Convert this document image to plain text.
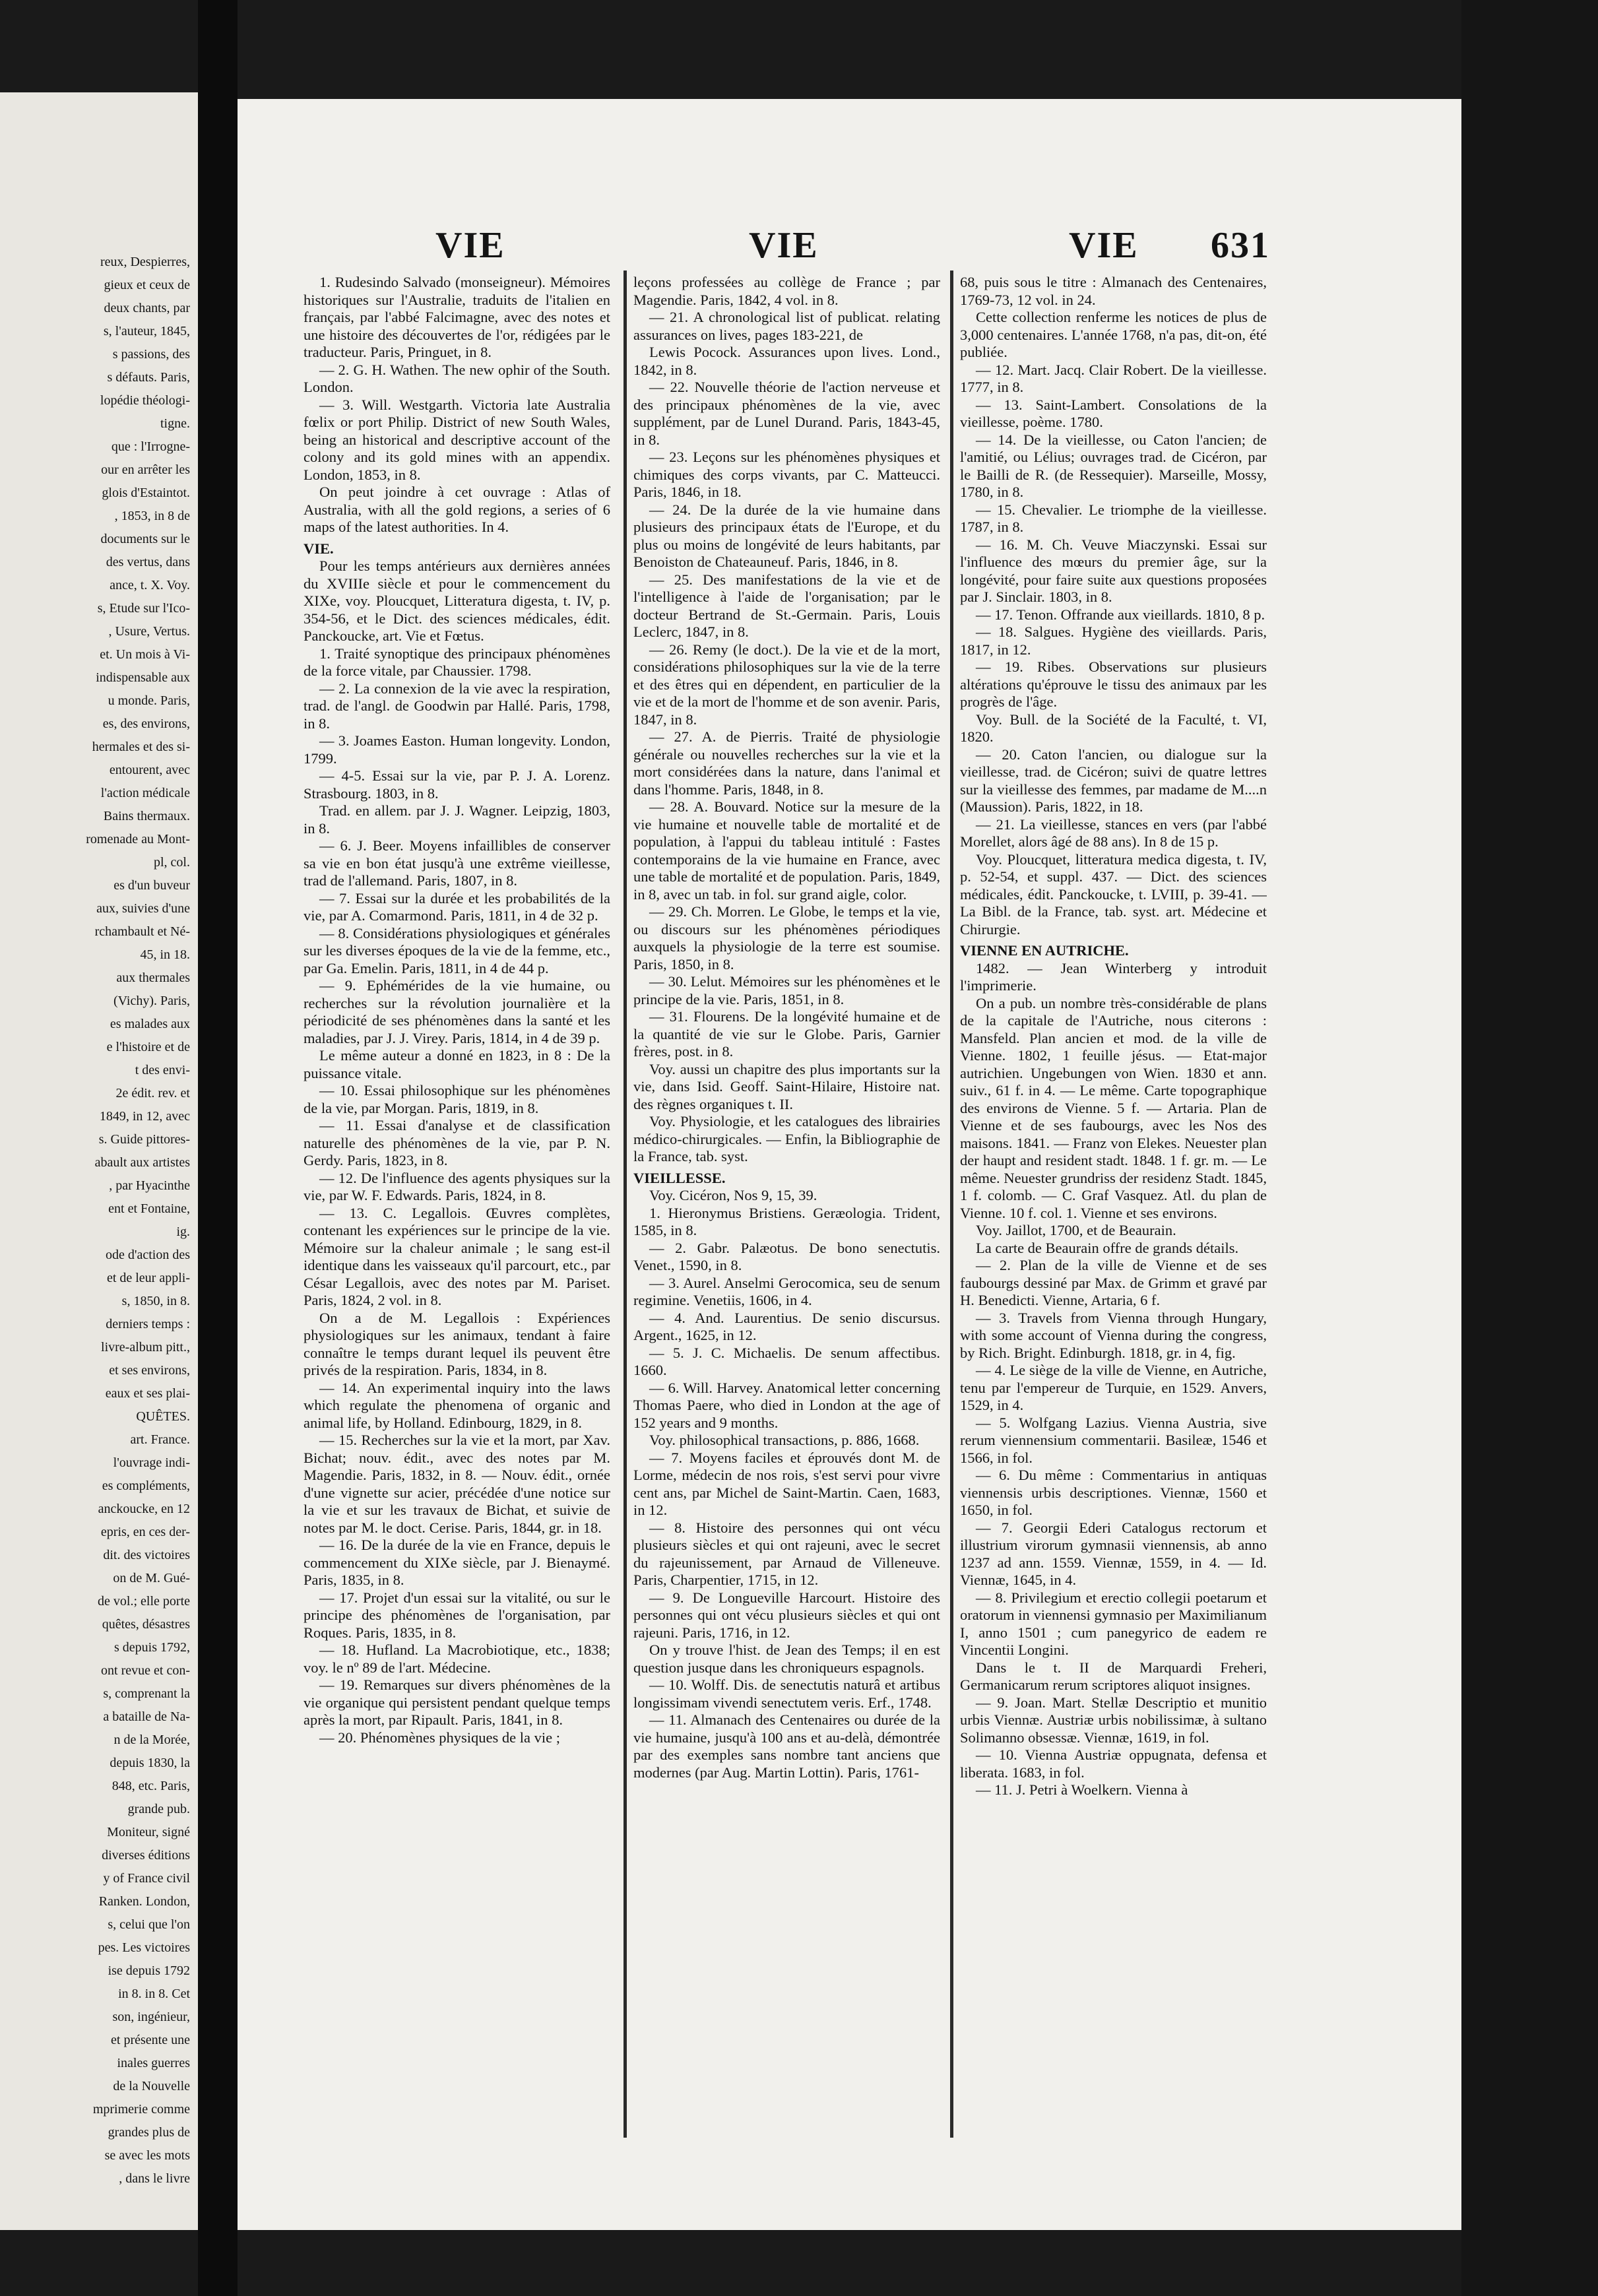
reux, Despierres,
gieux et ceux de
deux chants, par
s, l'auteur, 1845,
s passions, des
s défauts. Paris,
lopédie théologi-
tigne.
que : l'Irrogne-
our en arrêter les
glois d'Estaintot.
, 1853, in 8 de
documents sur le
des vertus, dans
ance, t. X. Voy.
s, Etude sur l'Ico-
, Usure, Vertus.
et. Un mois à Vi-
indispensable aux
u monde. Paris,
es, des environs,
hermales et des si-
entourent, avec
l'action médicale
Bains thermaux.
romenade au Mont-
pl, col.
es d'un buveur
aux, suivies d'une
rchambault et Né-
45, in 18.
aux thermales
(Vichy). Paris,
es malades aux
e l'histoire et de
t des envi-
2e édit. rev. et
1849, in 12, avec
s. Guide pittores-
abault aux artistes
, par Hyacinthe
ent et Fontaine,
ig.
ode d'action des
et de leur appli-
s, 1850, in 8.
derniers temps :
livre-album pitt.,
et ses environs,
eaux et ses plai-
QUÊTES.
art. France.
l'ouvrage indi-
es compléments,
anckoucke, en 12
epris, en ces der-
dit. des victoires
on de M. Gué-
de vol.; elle porte
quêtes, désastres
s depuis 1792,
ont revue et con-
s, comprenant la
a bataille de Na-
n de la Morée,
depuis 1830, la
848, etc. Paris,
grande pub.
Moniteur, signé
diverses éditions
y of France civil
Ranken. London,
s, celui que l'on
pes. Les victoires
ise depuis 1792
in 8. in 8. Cet
son, ingénieur,
et présente une
inales guerres
de la Nouvelle
mprimerie comme
grandes plus de
se avec les mots
, dans le livre
VIE	VIE	VIE 631

1. Rudesindo Salvado (monseigneur). Mémoires historiques sur l'Australie, traduits de l'italien en français, par l'abbé Falcimagne, avec des notes et une histoire des découvertes de l'or, rédigées par le traducteur. Paris, Pringuet, in 8.

— 2. G. H. Wathen. The new ophir of the South. London.

— 3. Will. Westgarth. Victoria late Australia fœlix or port Philip. District of new South Wales, being an historical and descriptive account of the colony and its gold mines with an appendix. London, 1853, in 8.

On peut joindre à cet ouvrage : Atlas of Australia, with all the gold regions, a series of 6 maps of the latest authorities. In 4.

VIE.

Pour les temps antérieurs aux dernières années du XVIIIe siècle et pour le commencement du XIXe, voy. Ploucquet, Litteratura digesta, t. IV, p. 354-56, et le Dict. des sciences médicales, édit. Panckoucke, art. Vie et Fœtus.

1. Traité synoptique des principaux phénomènes de la force vitale, par Chaussier. 1798.

— 2. La connexion de la vie avec la respiration, trad. de l'angl. de Goodwin par Hallé. Paris, 1798, in 8.

— 3. Joames Easton. Human longevity. London, 1799.

— 4-5. Essai sur la vie, par P. J. A. Lorenz. Strasbourg. 1803, in 8.

Trad. en allem. par J. J. Wagner. Leipzig, 1803, in 8.

— 6. J. Beer. Moyens infaillibles de conserver sa vie en bon état jusqu'à une extrême vieillesse, trad de l'allemand. Paris, 1807, in 8.

— 7. Essai sur la durée et les probabilités de la vie, par A. Comarmond. Paris, 1811, in 4 de 32 p.

— 8. Considérations physiologiques et générales sur les diverses époques de la vie de la femme, etc., par Ga. Emelin. Paris, 1811, in 4 de 44 p.

— 9. Ephémérides de la vie humaine, ou recherches sur la révolution journalière et la périodicité de ses phénomènes dans la santé et les maladies, par J. J. Virey. Paris, 1814, in 4 de 39 p.

Le même auteur a donné en 1823, in 8 : De la puissance vitale.

— 10. Essai philosophique sur les phénomènes de la vie, par Morgan. Paris, 1819, in 8.

— 11. Essai d'analyse et de classification naturelle des phénomènes de la vie, par P. N. Gerdy. Paris, 1823, in 8.

— 12. De l'influence des agents physiques sur la vie, par W. F. Edwards. Paris, 1824, in 8.

— 13. C. Legallois. Œuvres complètes, contenant les expériences sur le principe de la vie. Mémoire sur la chaleur animale ; le sang est-il identique dans les vaisseaux qu'il parcourt, etc., par César Legallois, avec des notes par M. Pariset. Paris, 1824, 2 vol. in 8.

On a de M. Legallois : Expériences physiologiques sur les animaux, tendant à faire connaître le temps durant lequel ils peuvent être privés de la respiration. Paris, 1834, in 8.

— 14. An experimental inquiry into the laws which regulate the phenomena of organic and animal life, by Holland. Edinbourg, 1829, in 8.

— 15. Recherches sur la vie et la mort, par Xav. Bichat; nouv. édit., avec des notes par M. Magendie. Paris, 1832, in 8. — Nouv. édit., ornée d'une vignette sur acier, précédée d'une notice sur la vie et sur les travaux de Bichat, et suivie de notes par M. le doct. Cerise. Paris, 1844, gr. in 18.

— 16. De la durée de la vie en France, depuis le commencement du XIXe siècle, par J. Bienaymé. Paris, 1835, in 8.

— 17. Projet d'un essai sur la vitalité, ou sur le principe des phénomènes de l'organisation, par Roques. Paris, 1835, in 8.

— 18. Hufland. La Macrobiotique, etc., 1838; voy. le nº 89 de l'art. Médecine.

— 19. Remarques sur divers phénomènes de la vie organique qui persistent pendant quelque temps après la mort, par Ripault. Paris, 1841, in 8.

— 20. Phénomènes physiques de la vie ;

leçons professées au collège de France ; par Magendie. Paris, 1842, 4 vol. in 8.

— 21. A chronological list of publicat. relating assurances on lives, pages 183-221, de

Lewis Pocock. Assurances upon lives. Lond., 1842, in 8.

— 22. Nouvelle théorie de l'action nerveuse et des principaux phénomènes de la vie, avec supplément, par de Lunel Durand. Paris, 1843-45, in 8.

— 23. Leçons sur les phénomènes physiques et chimiques des corps vivants, par C. Matteucci. Paris, 1846, in 18.

— 24. De la durée de la vie humaine dans plusieurs des principaux états de l'Europe, et du plus ou moins de longévité de leurs habitants, par Benoiston de Chateauneuf. Paris, 1846, in 8.

— 25. Des manifestations de la vie et de l'intelligence à l'aide de l'organisation; par le docteur Bertrand de St.-Germain. Paris, Louis Leclerc, 1847, in 8.

— 26. Remy (le doct.). De la vie et de la mort, considérations philosophiques sur la vie de la terre et des êtres qui en dépendent, en particulier de la vie et de la mort de l'homme et de son avenir. Paris, 1847, in 8.

— 27. A. de Pierris. Traité de physiologie générale ou nouvelles recherches sur la vie et la mort considérées dans la nature, dans l'animal et dans l'homme. Paris, 1848, in 8.

— 28. A. Bouvard. Notice sur la mesure de la vie humaine et nouvelle table de mortalité et de population, à l'appui du tableau intitulé : Fastes contemporains de la vie humaine en France, avec une table de mortalité et de population. Paris, 1849, in 8, avec un tab. in fol. sur grand aigle, color.

— 29. Ch. Morren. Le Globe, le temps et la vie, ou discours sur les phénomènes périodiques auxquels la physiologie de la terre est soumise. Paris, 1850, in 8.

— 30. Lelut. Mémoires sur les phénomènes et le principe de la vie. Paris, 1851, in 8.

— 31. Flourens. De la longévité humaine et de la quantité de vie sur le Globe. Paris, Garnier frères, post. in 8.

Voy. aussi un chapitre des plus importants sur la vie, dans Isid. Geoff. Saint-Hilaire, Histoire nat. des règnes organiques t. II.

Voy. Physiologie, et les catalogues des librairies médico-chirurgicales. — Enfin, la Bibliographie de la France, tab. syst.

VIEILLESSE.

Voy. Cicéron, Nos 9, 15, 39.

1. Hieronymus Bristiens. Geræologia. Trident, 1585, in 8.

— 2. Gabr. Palæotus. De bono senectutis. Venet., 1590, in 8.

— 3. Aurel. Anselmi Gerocomica, seu de senum regimine. Venetiis, 1606, in 4.

— 4. And. Laurentius. De senio discursus. Argent., 1625, in 12.

— 5. J. C. Michaelis. De senum affectibus. 1660.

— 6. Will. Harvey. Anatomical letter concerning Thomas Paere, who died in London at the age of 152 years and 9 months.

Voy. philosophical transactions, p. 886, 1668.

— 7. Moyens faciles et éprouvés dont M. de Lorme, médecin de nos rois, s'est servi pour vivre cent ans, par Michel de Saint-Martin. Caen, 1683, in 12.

— 8. Histoire des personnes qui ont vécu plusieurs siècles et qui ont rajeuni, avec le secret du rajeunissement, par Arnaud de Villeneuve. Paris, Charpentier, 1715, in 12.

— 9. De Longueville Harcourt. Histoire des personnes qui ont vécu plusieurs siècles et qui ont rajeuni. Paris, 1716, in 12.

On y trouve l'hist. de Jean des Temps; il en est question jusque dans les chroniqueurs espagnols.

— 10. Wolff. Dis. de senectutis naturâ et artibus longissimam vivendi senectutem veris. Erf., 1748.

— 11. Almanach des Centenaires ou durée de la vie humaine, jusqu'à 100 ans et au-delà, démontrée par des exemples sans nombre tant anciens que modernes (par Aug. Martin Lottin). Paris, 1761-

68, puis sous le titre : Almanach des Centenaires, 1769-73, 12 vol. in 24.

Cette collection renferme les notices de plus de 3,000 centenaires. L'année 1768, n'a pas, dit-on, été publiée.

— 12. Mart. Jacq. Clair Robert. De la vieillesse. 1777, in 8.

— 13. Saint-Lambert. Consolations de la vieillesse, poème. 1780.

— 14. De la vieillesse, ou Caton l'ancien; de l'amitié, ou Lélius; ouvrages trad. de Cicéron, par le Bailli de R. (de Ressequier). Marseille, Mossy, 1780, in 8.

— 15. Chevalier. Le triomphe de la vieillesse. 1787, in 8.

— 16. M. Ch. Veuve Miaczynski. Essai sur l'influence des mœurs du premier âge, sur la longévité, pour faire suite aux questions proposées par J. Sinclair. 1803, in 8.

— 17. Tenon. Offrande aux vieillards. 1810, 8 p.

— 18. Salgues. Hygiène des vieillards. Paris, 1817, in 12.

— 19. Ribes. Observations sur plusieurs altérations qu'éprouve le tissu des animaux par les progrès de l'âge.

Voy. Bull. de la Société de la Faculté, t. VI, 1820.

— 20. Caton l'ancien, ou dialogue sur la vieillesse, trad. de Cicéron; suivi de quatre lettres sur la vieillesse des femmes, par madame de M....n (Maussion). Paris, 1822, in 18.

— 21. La vieillesse, stances en vers (par l'abbé Morellet, alors âgé de 88 ans). In 8 de 15 p.

Voy. Ploucquet, litteratura medica digesta, t. IV, p. 52-54, et suppl. 437. — Dict. des sciences médicales, édit. Panckoucke, t. LVIII, p. 39-41. — La Bibl. de la France, tab. syst. art. Médecine et Chirurgie.

VIENNE EN AUTRICHE.

1482. — Jean Winterberg y introduit l'imprimerie.

On a pub. un nombre très-considérable de plans de la capitale de l'Autriche, nous citerons : Mansfeld. Plan ancien et mod. de la ville de Vienne. 1802, 1 feuille jésus. — Etat-major autrichien. Ungebungen von Wien. 1830 et ann. suiv., 61 f. in 4. — Le même. Carte topographique des environs de Vienne. 5 f. — Artaria. Plan de Vienne et de ses faubourgs, avec les Nos des maisons. 1841. — Franz von Elekes. Neuester plan der haupt and resident stadt. 1848. 1 f. gr. m. — Le même. Neuester grundriss der residenz Stadt. 1845, 1 f. colomb. — C. Graf Vasquez. Atl. du plan de Vienne. 10 f. col. 1. Vienne et ses environs.

Voy. Jaillot, 1700, et de Beaurain.

La carte de Beaurain offre de grands détails.

— 2. Plan de la ville de Vienne et de ses faubourgs dessiné par Max. de Grimm et gravé par H. Benedicti. Vienne, Artaria, 6 f.

— 3. Travels from Vienna through Hungary, with some account of Vienna during the congress, by Rich. Bright. Edinburgh. 1818, gr. in 4, fig.

— 4. Le siège de la ville de Vienne, en Autriche, tenu par l'empereur de Turquie, en 1529. Anvers, 1529, in 4.

— 5. Wolfgang Lazius. Vienna Austria, sive rerum viennensium commentarii. Basileæ, 1546 et 1566, in fol.

— 6. Du même : Commentarius in antiquas viennensis urbis descriptiones. Viennæ, 1560 et 1650, in fol.

— 7. Georgii Ederi Catalogus rectorum et illustrium virorum gymnasii viennensis, ab anno 1237 ad ann. 1559. Viennæ, 1559, in 4. — Id. Viennæ, 1645, in 4.

— 8. Privilegium et erectio collegii poetarum et oratorum in viennensi gymnasio per Maximilianum I, anno 1501 ; cum panegyrico de eadem re Vincentii Longini.

Dans le t. II de Marquardi Freheri, Germanicarum rerum scriptores aliquot insignes.

— 9. Joan. Mart. Stellæ Descriptio et munitio urbis Viennæ. Austriæ urbis nobilissimæ, à sultano Solimanno obsessæ. Viennæ, 1619, in fol.

— 10. Vienna Austriæ oppugnata, defensa et liberata. 1683, in fol.

— 11. J. Petri à Woelkern. Vienna à
